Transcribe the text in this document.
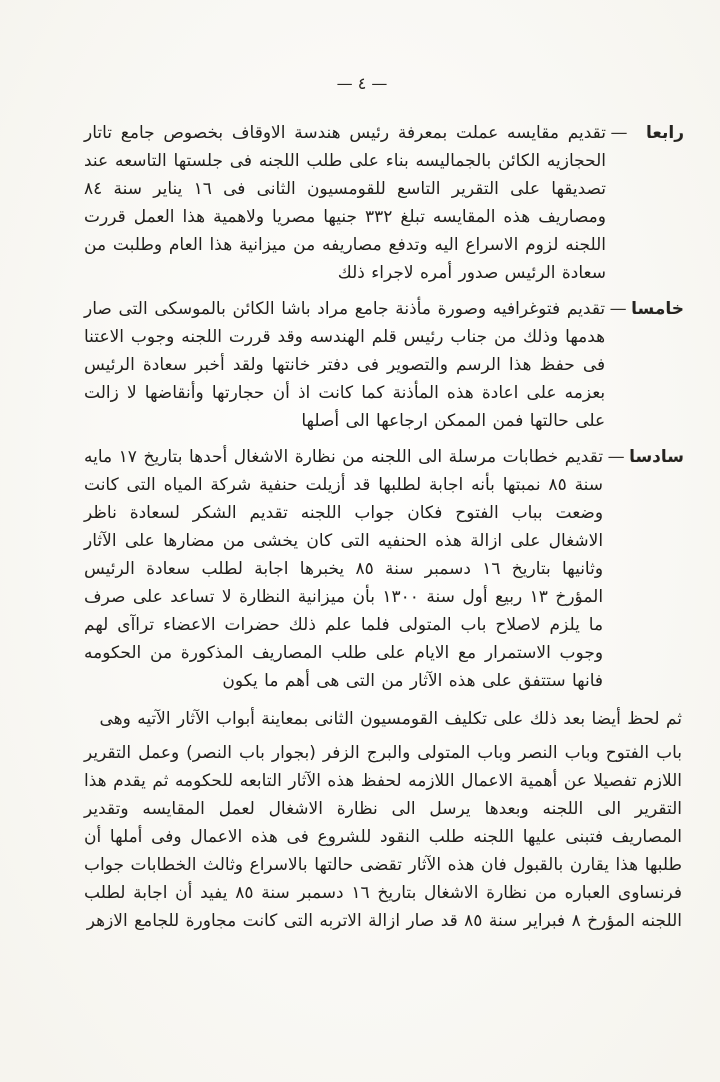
— ٤ —
رابعا
—

تقديم مقايسه عملت بمعرفة رئيس هندسة الاوقاف بخصوص جامع تاتار الحجازيه الكائن بالجماليسه بناء على طلب اللجنه فى جلستها التاسعه عند تصديقها على التقرير التاسع للقومسيون الثانى فى ١٦ يناير سنة ٨٤ ومصاريف هذه المقايسه تبلغ ٣٣٢ جنيها مصريا ولاهمية هذا العمل قررت اللجنه لزوم الاسراع اليه وتدفع مصاريفه من ميزانية هذا العام وطلبت من سعادة الرئيس صدور أمره لاجراء ذلك

خامسا
—

تقديم فتوغرافيه وصورة مأذنة جامع مراد باشا الكائن بالموسكى التى صار هدمها وذلك من جناب رئيس قلم الهندسه وقد قررت اللجنه وجوب الاعتنا فى حفظ هذا الرسم والتصوير فى دفتر خانتها ولقد أخبر سعادة الرئيس بعزمه على اعادة هذه المأذنة كما كانت اذ أن حجارتها وأنقاضها لا زالت على حالتها فمن الممكن ارجاعها الى أصلها

سادسا
—

تقديم خطابات مرسلة الى اللجنه من نظارة الاشغال أحدها بتاريخ ١٧ مايه سنة ٨٥ نمبتها بأنه اجابة لطلبها قد أزيلت حنفية شركة المياه التى كانت وضعت بباب الفتوح فكان جواب اللجنه تقديم الشكر لسعادة ناظر الاشغال على ازالة هذه الحنفيه التى كان يخشى من مضارها على الآثار وثانيها بتاريخ ١٦ دسمبر سنة ٨٥ يخبرها اجابة لطلب سعادة الرئيس المؤرخ ١٣ ربيع أول سنة ١٣٠٠ بأن ميزانية النظارة لا تساعد على صرف ما يلزم لاصلاح باب المتولى فلما علم ذلك حضرات الاعضاء تراآى لهم وجوب الاستمرار مع الايام على طلب المصاريف المذكورة من الحكومه فانها ستتفق على هذه الآثار من التى هى أهم ما يكون

ثم لحظ أيضا بعد ذلك على تكليف القومسيون الثانى بمعاينة أبواب الآثار الآتيه وهى

باب الفتوح وباب النصر وباب المتولى والبرج الزفر (بجوار باب النصر) وعمل التقرير اللازم تفصيلا عن أهمية الاعمال اللازمه لحفظ هذه الآثار التابعه للحكومه ثم يقدم هذا التقرير الى اللجنه وبعدها يرسل الى نظارة الاشغال لعمل المقايسه وتقدير المصاريف فتبنى عليها اللجنه طلب النقود للشروع فى هذه الاعمال وفى أملها أن طلبها هذا يقارن بالقبول فان هذه الآثار تقضى حالتها بالاسراع وثالث الخطابات جواب فرنساوى العباره من نظارة الاشغال بتاريخ ١٦ دسمبر سنة ٨٥ يفيد أن اجابة لطلب اللجنه المؤرخ ٨ فبراير سنة ٨٥ قد صار ازالة الاتربه التى كانت مجاورة للجامع الازهر
